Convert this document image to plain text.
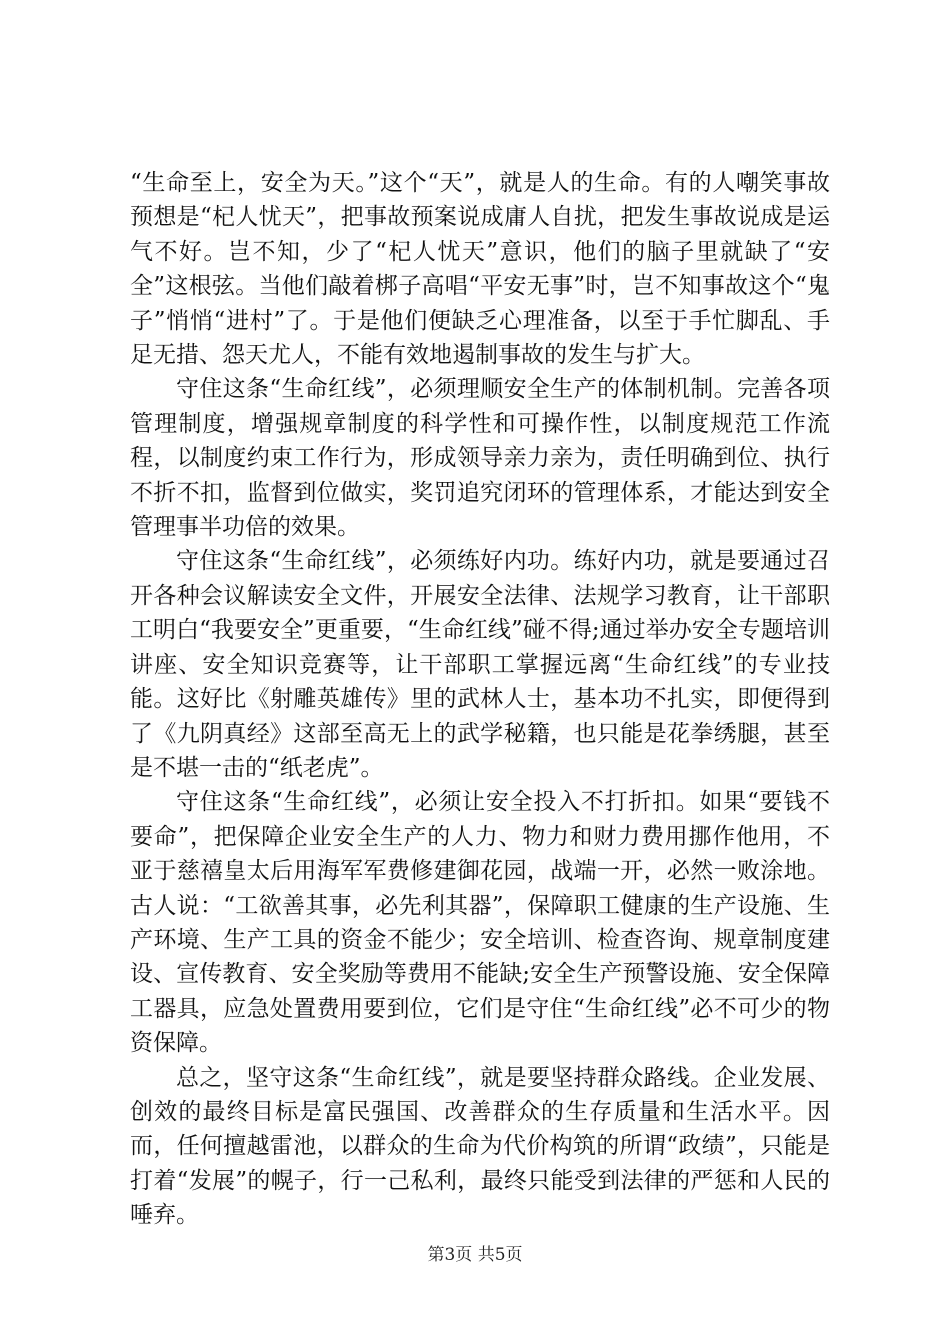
“生命至上，安全为天。”这个“天”，就是人的生命。有的人嘲笑事故预想是“杞人忧天”，把事故预案说成庸人自扰，把发生事故说成是运气不好。岂不知，少了“杞人忧天”意识，他们的脑子里就缺了“安全”这根弦。当他们敲着梆子高唱“平安无事”时，岂不知事故这个“鬼子”悄悄“进村”了。于是他们便缺乏心理准备，以至于手忙脚乱、手足无措、怨天尤人，不能有效地遏制事故的发生与扩大。

守住这条“生命红线”，必须理顺安全生产的体制机制。完善各项管理制度，增强规章制度的科学性和可操作性，以制度规范工作流程，以制度约束工作行为，形成领导亲力亲为，责任明确到位、执行不折不扣，监督到位做实，奖罚追究闭环的管理体系，才能达到安全管理事半功倍的效果。

守住这条“生命红线”，必须练好内功。练好内功，就是要通过召开各种会议解读安全文件，开展安全法律、法规学习教育，让干部职工明白“我要安全”更重要，“生命红线”碰不得;通过举办安全专题培训讲座、安全知识竞赛等，让干部职工掌握远离“生命红线”的专业技能。这好比《射雕英雄传》里的武林人士，基本功不扎实，即便得到了《九阴真经》这部至高无上的武学秘籍，也只能是花拳绣腿，甚至是不堪一击的“纸老虎”。

守住这条“生命红线”，必须让安全投入不打折扣。如果“要钱不要命”，把保障企业安全生产的人力、物力和财力费用挪作他用，不亚于慈禧皇太后用海军军费修建御花园，战端一开，必然一败涂地。古人说：“工欲善其事，必先利其器”，保障职工健康的生产设施、生产环境、生产工具的资金不能少；安全培训、检查咨询、规章制度建设、宣传教育、安全奖励等费用不能缺;安全生产预警设施、安全保障工器具，应急处置费用要到位，它们是守住“生命红线”必不可少的物资保障。

总之，坚守这条“生命红线”，就是要坚持群众路线。企业发展、创效的最终目标是富民强国、改善群众的生存质量和生活水平。因而，任何擅越雷池，以群众的生命为代价构筑的所谓“政绩”，只能是打着“发展”的幌子，行一己私利，最终只能受到法律的严惩和人民的唾弃。

第3页 共5页
